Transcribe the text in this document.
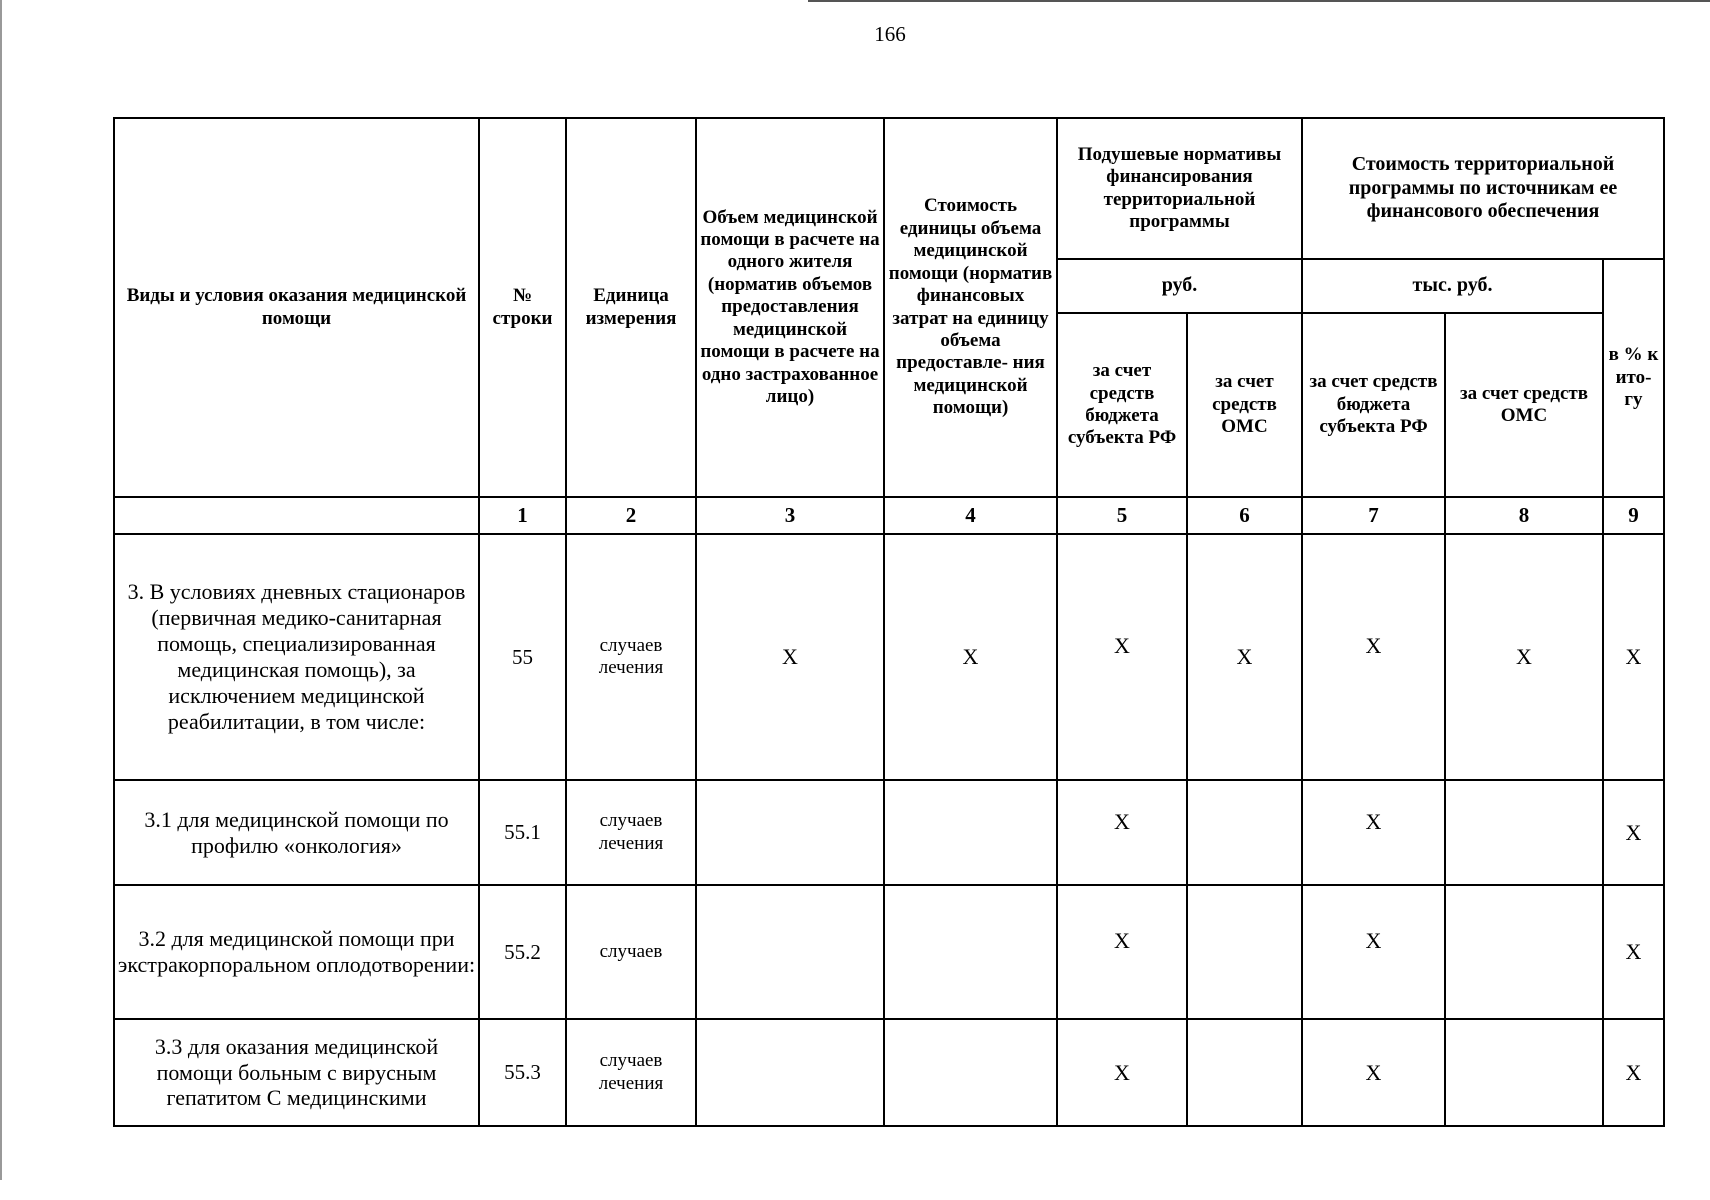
166
Виды и условия оказания медицинской помощи	№ строки	Единица измерения	Объем медицинской помощи в расчете на одного жителя (норматив объемов предоставления медицинской помощи в расчете на одно застрахованное лицо)	Стоимость единицы объема медицинской помощи (норматив финансовых затрат на единицу объема предоставле- ния медицинской помощи)	Подушевые нормативы финансирования территориальной программы		Стоимость территориальной программы по источникам ее финансового обеспечения		
					руб.		тыс. руб.		в % к ито- гу
					за счет средств бюджета субъекта РФ	за счет средств ОМС	за счет средств бюджета субъекта РФ	за счет средств ОМС	
	1	2	3	4	5	6	7	8	9
3. В условиях дневных стационаров (первичная медико-санитарная помощь, специализированная медицинская помощь), за исключением медицинской реабилитации, в том числе:	55	случаев лечения	X	X	X	X	X	X	X
3.1 для медицинской помощи по профилю «онкология»	55.1	случаев лечения			X		X		X
3.2 для медицинской помощи при экстракорпоральном оплодотворении:	55.2	случаев			X		X		X
3.3 для оказания медицинской помощи больным с вирусным гепатитом С медицинскими	55.3	случаев лечения			X		X		X
